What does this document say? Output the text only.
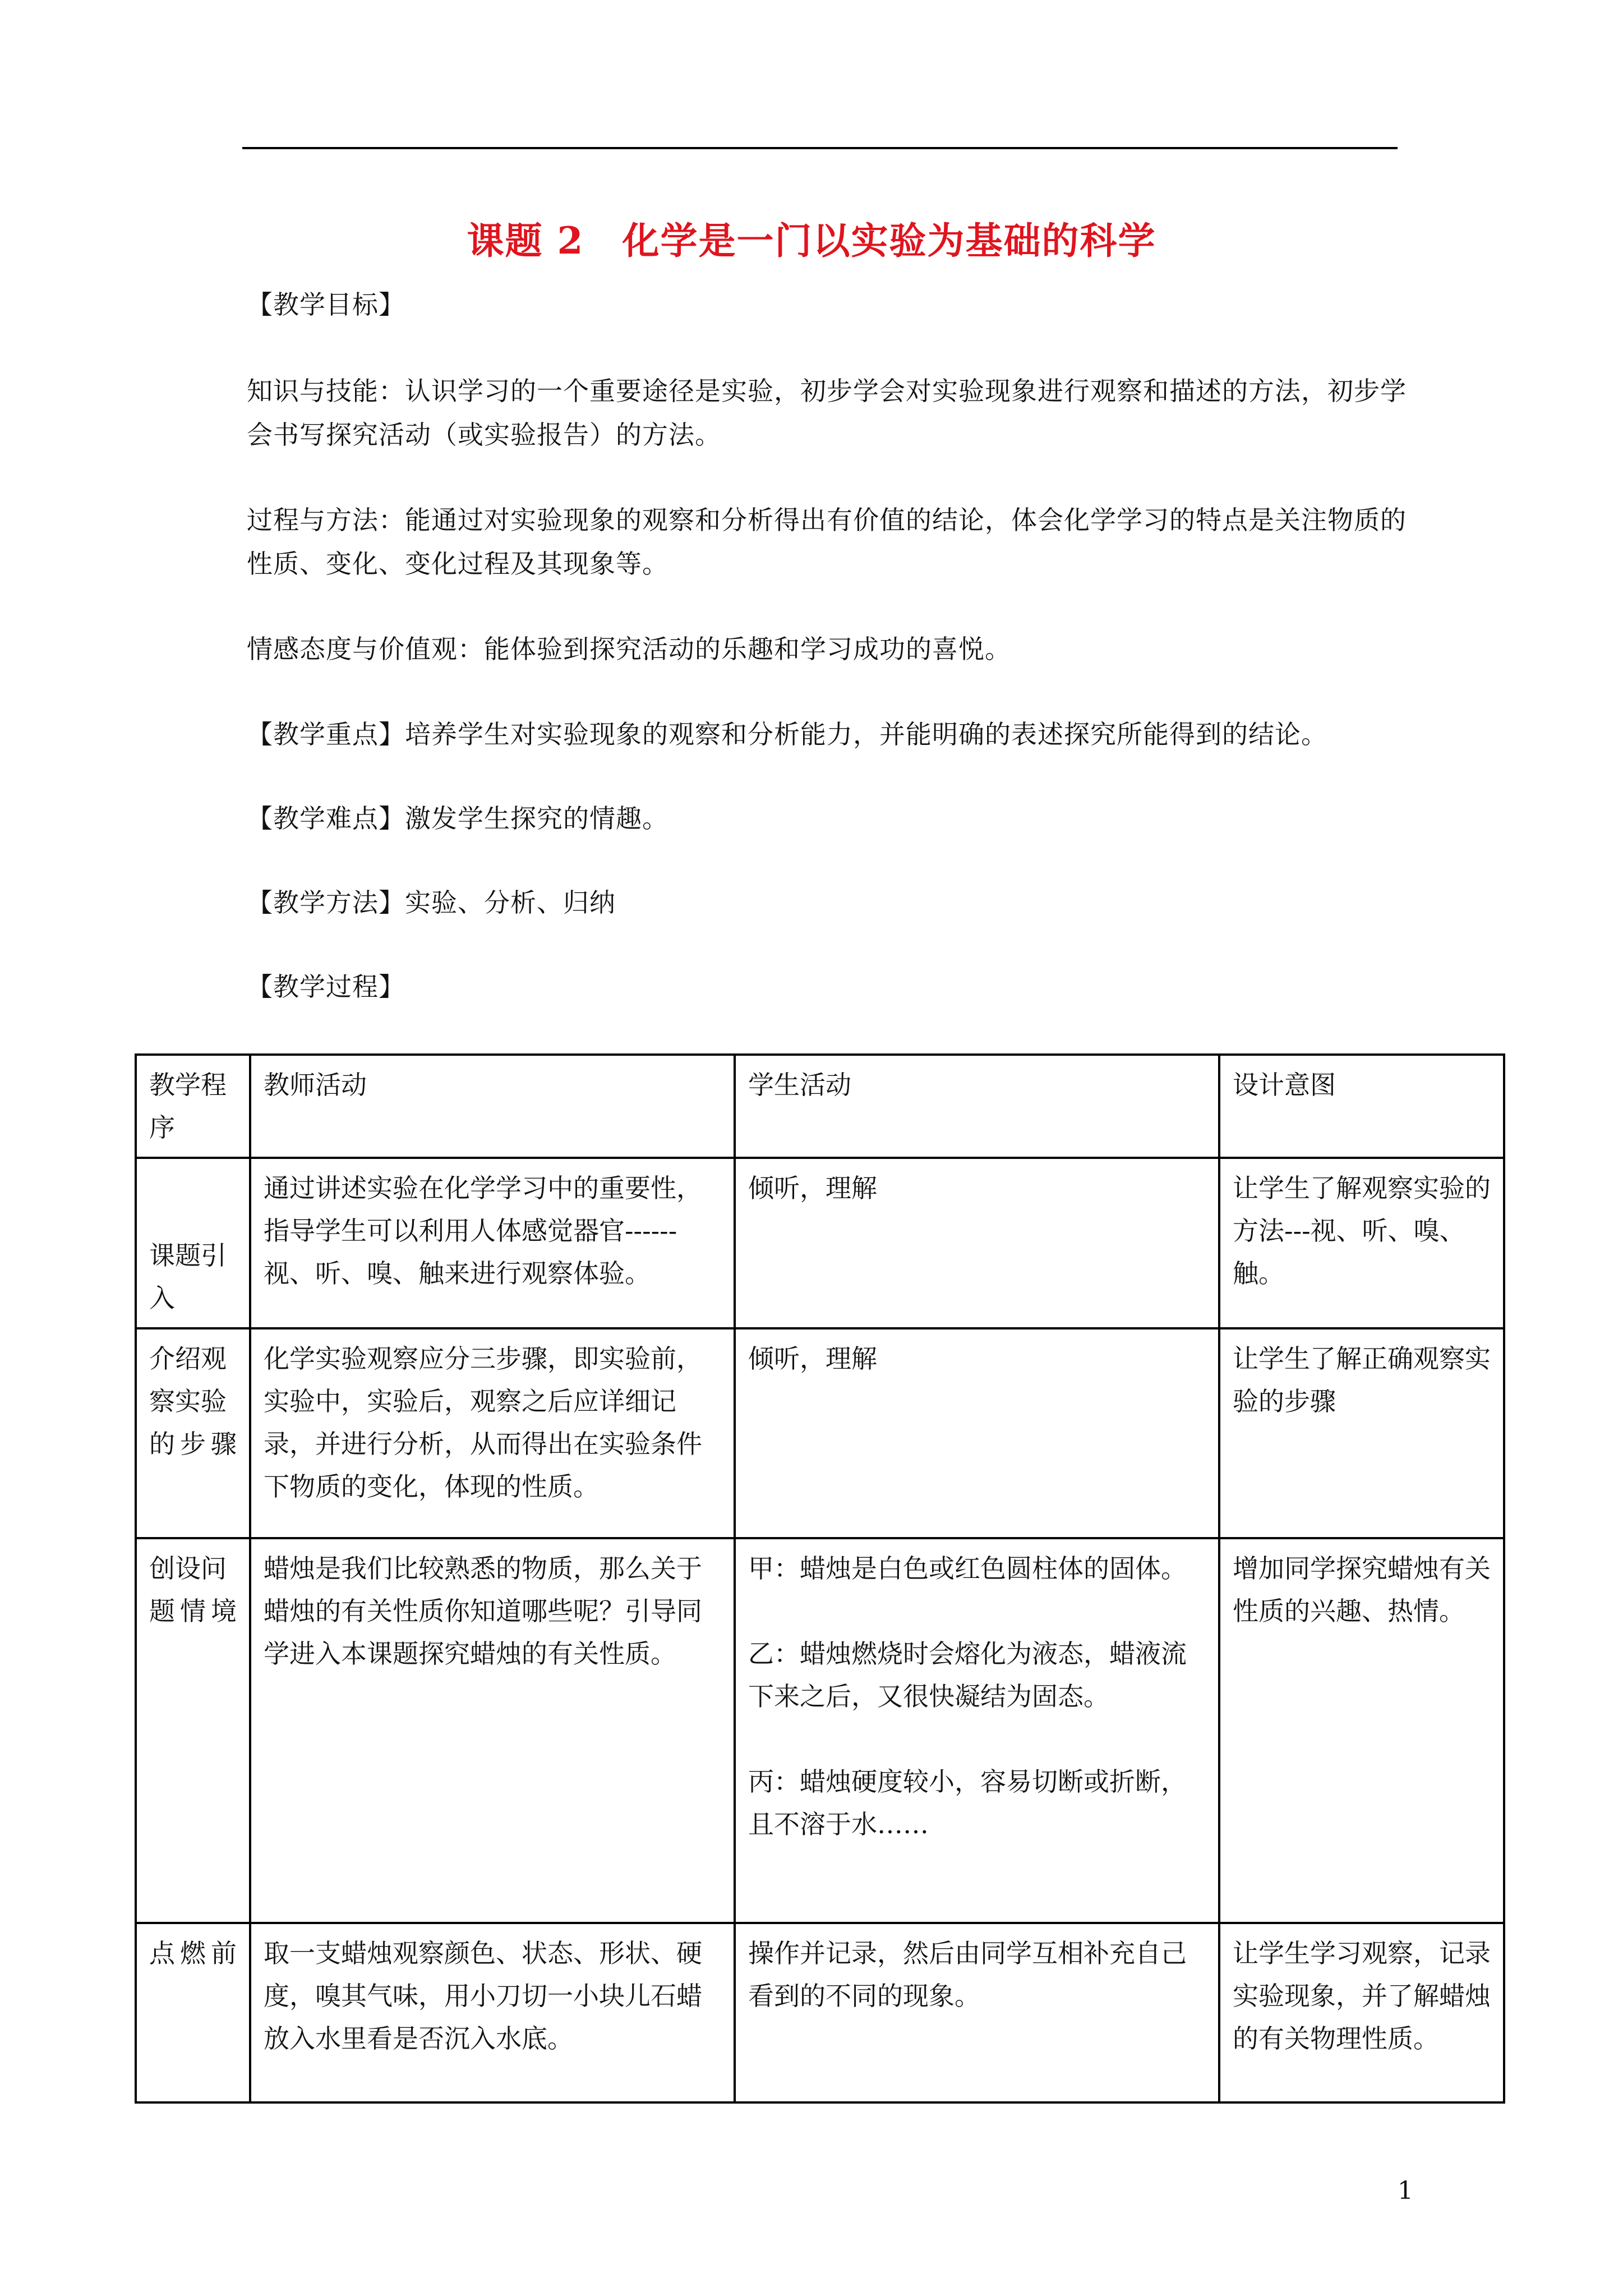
课题 2　化学是一门以实验为基础的科学
【教学目标】
知识与技能：认识学习的一个重要途径是实验，初步学会对实验现象进行观察和描述的方法，初步学会书写探究活动（或实验报告）的方法。
过程与方法：能通过对实验现象的观察和分析得出有价值的结论，体会化学学习的特点是关注物质的性质、变化、变化过程及其现象等。
情感态度与价值观：能体验到探究活动的乐趣和学习成功的喜悦。
【教学重点】培养学生对实验现象的观察和分析能力，并能明确的表述探究所能得到的结论。
【教学难点】激发学生探究的情趣。
【教学方法】实验、分析、归纳
【教学过程】
教学程序	教师活动	学生活动	设计意图
课题引入	通过讲述实验在化学学习中的重要性，指导学生可以利用人体感觉器官------视、听、嗅、触来进行观察体验。	倾听，理解	让学生了解观察实验的方法---视、听、嗅、触。
介绍观察实验的步骤	化学实验观察应分三步骤，即实验前，实验中，实验后，观察之后应详细记录，并进行分析，从而得出在实验条件下物质的变化，体现的性质。	倾听，理解	让学生了解正确观察实验的步骤
创设问题情境	蜡烛是我们比较熟悉的物质，那么关于蜡烛的有关性质你知道哪些呢？引导同学进入本课题探究蜡烛的有关性质。	甲：蜡烛是白色或红色圆柱体的固体。
乙：蜡烛燃烧时会熔化为液态，蜡液流下来之后，又很快凝结为固态。
丙：蜡烛硬度较小，容易切断或折断，且不溶于水……	增加同学探究蜡烛有关性质的兴趣、热情。
点燃前	取一支蜡烛观察颜色、状态、形状、硬度，嗅其气味，用小刀切一小块儿石蜡放入水里看是否沉入水底。	操作并记录，然后由同学互相补充自己看到的不同的现象。	让学生学习观察，记录实验现象，并了解蜡烛的有关物理性质。
1
